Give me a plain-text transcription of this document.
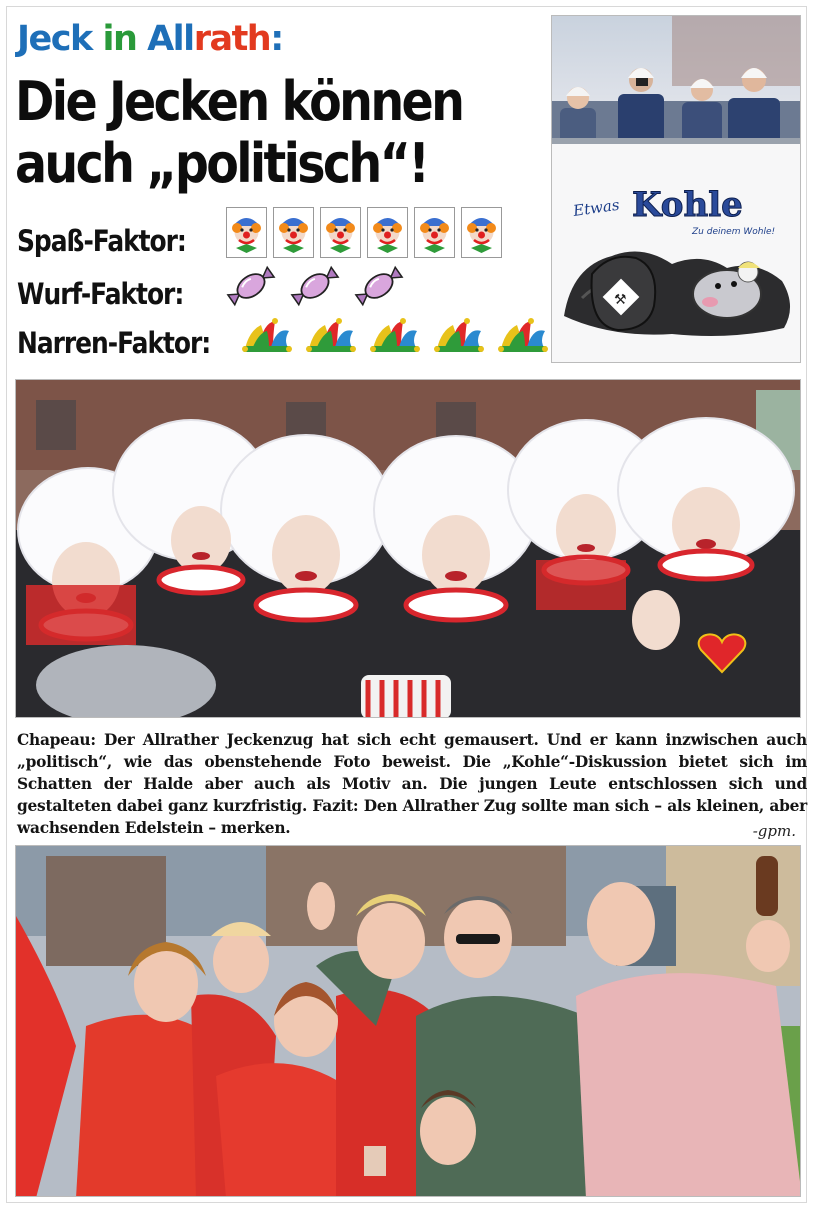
Jeck in Allrath:
Die Jecken können
auch „politisch“!
Spaß-Faktor:
Wurf-Faktor:
Narren-Faktor:
Etwas Kohle
Zu deinem Wohle!
⚒
Chapeau: Der Allrather Jeckenzug hat sich echt gemausert. Und er kann inzwischen auch „politisch“, wie das obenstehende Foto beweist. Die „Kohle“-Diskussion bietet sich im Schatten der Halde aber auch als Motiv an. Die jungen Leute entschlossen sich und gestalteten dabei ganz kurzfristig. Fazit: Den Allrather Zug sollte man sich – als kleinen, aber wachsenden Edelstein – merken.	-gpm.
